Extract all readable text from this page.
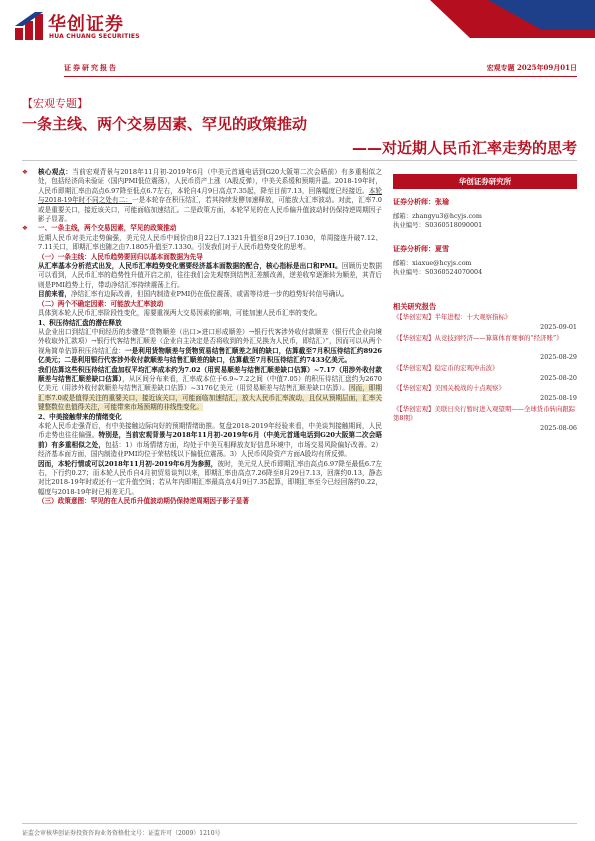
华创证券
HUA CHUANG SECURITIES
证券研究报告	宏观专题 2025年09月01日
【宏观专题】
一条主线、两个交易因素、罕见的政策推动
——对近期人民币汇率走势的思考

❖ 核心观点：当前宏观背景与2018年11月初-2019年6月（中美元首通电话到G20大阪第二次会晤前）有多重相似之处，包括经济尚未验证（国内PMI低位震荡），人民币资产上涨（A股反弹），中美关系缓和预期升温。2018-19年时，人民币即期汇率由高点6.97降至低点6.7左右，本轮自4月9日高点7.35起，降至目前7.13，回落幅度已经接近。本轮与2018-19年时不同之处有二：一是本轮存在积压结汇，若其持续发酵加速释放，可能放大汇率波动。对此，汇率7.0或是重要关口，接近该关口，可能面临加速结汇。二是政策方面，本轮罕见的在人民币偏升值波动时仍保持逆周期因子影子显著。

❖ 一、一条主线，两个交易因素，罕见的政策推动

近期人民币对美元走势偏强，美元兑人民币中间价由8月22日7.1321升值至8月29日7.1030，单周接连升破7.12、7.11关口，即期汇率也随之由7.1805升值至7.1330。引发我们对于人民币趋势变化的思考。

（一）一条主线：人民币趋势要回归以基本面数据为先导

从汇率基本分析范式出发，人民币汇率趋势变化需要经济基本面数据的配合，核心指标是出口和PMI。回顾历史数据可以看到，人民币汇率的趋势性升值开启之前，往往我们会先观察到结售汇差额改善，逆差收窄逐渐转为顺差，其背后则是PMI趋势上行，带动净结汇率持续震荡上行。

目前来看，净结汇率有边际改善，但国内制造业PMI仍在低位震荡，或需等待进一步的趋势好转信号确认。

（二）两个不确定因素：可能放大汇率波动

具体到本轮人民币汇率阶段性变化，需要重视两大交易因素的影响，可能加速人民币汇率的变化。

1、积压待结汇盘的潜在释放

从企业出口到结汇中间经历的步骤是“货物顺差（出口>进口形成顺差）→银行代客涉外收付款顺差（银行代企业向境外收取外汇款项）→银行代客结售汇顺差（企业自主决定是否将收到的外汇兑换为人民币，即结汇）”，因而可以从两个视角简单估算积压待结汇盘：一是利用货物顺差与货物贸易结售汇顺差之间的缺口，估算截至7月积压待结汇约8926亿美元；二是利用银行代客涉外收付款顺差与结售汇顺差的缺口，估算截至7月积压待结汇约7433亿美元。

我们估算这些积压待结汇盘加权平均汇率成本约为7.02（用贸易顺差与结售汇顺差缺口估算）~7.17（用涉外收付款顺差与结售汇顺差缺口估算），从区间分布来看，汇率成本位于6.9~7.2之间（中值7.05）的积压待结汇盘约为2670亿美元（用涉外收付款顺差与结售汇顺差缺口估算）~3176亿美元（用贸易顺差与结售汇顺差缺口估算）。因而，即期汇率7.0或是值得关注的重要关口，接近该关口，可能面临加速结汇，放大人民币汇率波动，且仅从预期层面，汇率关键整数位也值得关注，可能带来市场预期的非线性变化。

2、中美接触带来的情绪变化

本轮人民币走强背后，有中美接触边际向好的预期情绪助推。复盘2018-2019年经验来看，中美谈判接触期间，人民币走势也往往偏强。特别是，当前宏观背景与2018年11月初-2019年6月（中美元首通电话到G20大阪第二次会晤前）有多重相似之处，包括：1）市场情绪方面，均处于中美互相释放友好信息环境中，市场交易风险偏好改善。2）经济基本面方面，国内制造业PMI均位于荣枯线以下偏低位震荡。3）人民币风险资产方面A股均有所反弹。

因而，本轮行情或可以2018年11月初-2019年6月为参照，彼时，美元兑人民币即期汇率由高点6.97降至最低6.7左右，下行约0.27；而本轮人民币自4月初贸易谈判以来，即期汇率由高点7.26降至8月29日7.13，回落约0.13，静态对比2018-19年时或还有一定升值空间；若从年内即期汇率最高点4月9日7.35起算，即期汇率至今已经回落约0.22，幅度与2018-19年时已相差无几。

（三）政策意图：罕见的在人民币升值波动期仍保持逆周期因子影子显著

华创证券研究所
证券分析师：张瑜
邮箱：zhangyu3@hcyjs.com
执业编号：S0360518090001
证券分析师：夏雪
邮箱：xiaxue@hcyjs.com
执业编号：S0360524070004
相关研究报告
《【华创宏观】半年进程：十大观察指标》
2025-09-01
《【华创宏观】从竞技到经济——算算体育赛事的“经济账”》
2025-08-29
《【华创宏观】稳定币的宏观冲击波》
2025-08-20
《【华创宏观】美国关税战的十点观察》
2025-08-19
《【华创宏观】美联日央行暂时进入观望期——全球货币转向跟踪第8期》
2025-08-06
证监会审核华创证券投资咨询业务资格批文号：证监许可（2009）1210号
